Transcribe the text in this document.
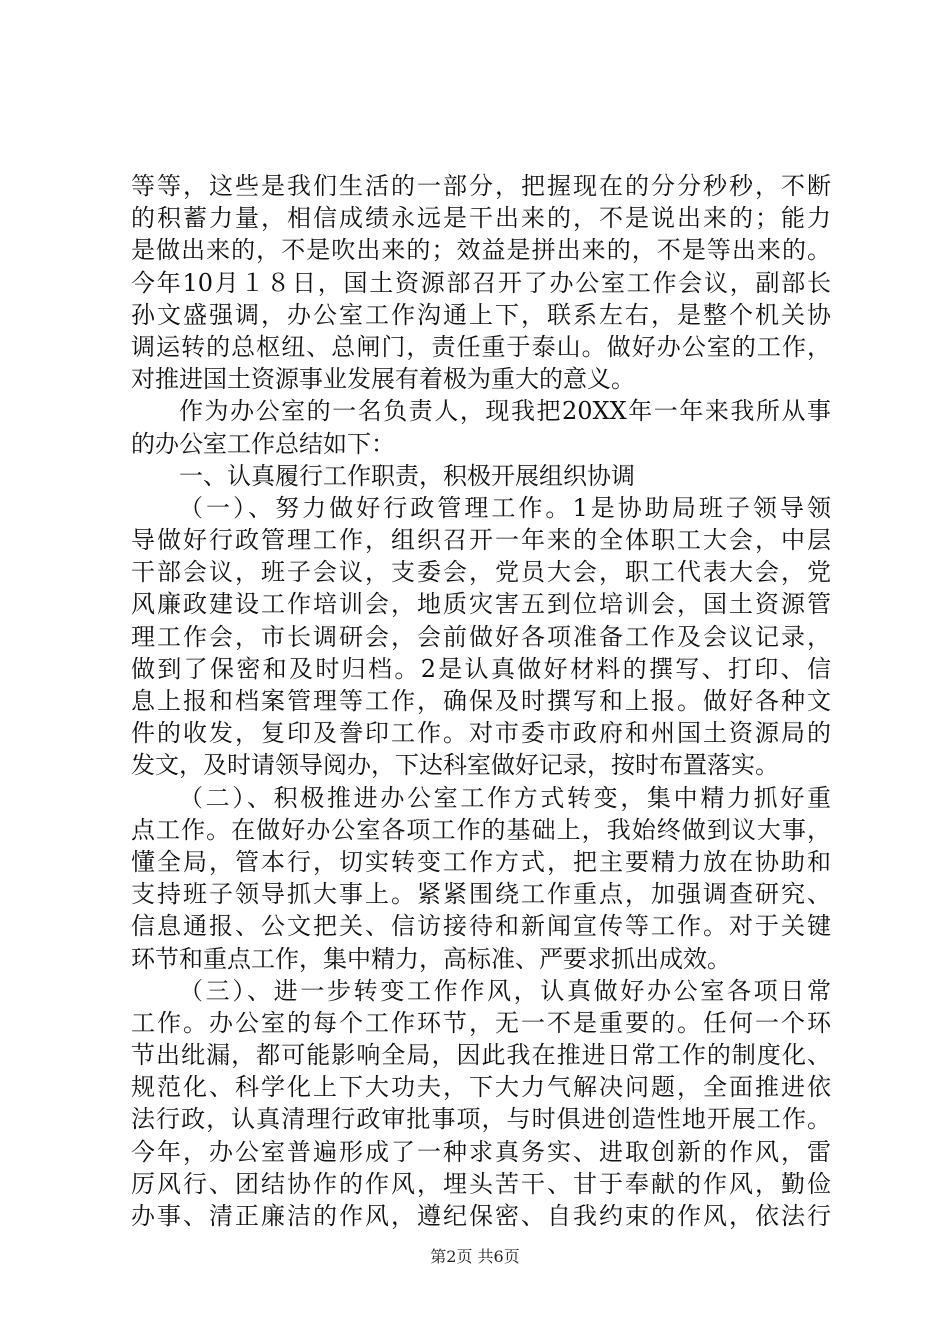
等等，这些是我们生活的一部分，把握现在的分分秒秒，不断
的积蓄力量，相信成绩永远是干出来的，不是说出来的；能力
是做出来的，不是吹出来的；效益是拼出来的，不是等出来的。
今年10月１８日，国土资源部召开了办公室工作会议，副部长
孙文盛强调，办公室工作沟通上下，联系左右，是整个机关协
调运转的总枢纽、总闸门，责任重于泰山。做好办公室的工作，
对推进国土资源事业发展有着极为重大的意义。
作为办公室的一名负责人，现我把20XX年一年来我所从事
的办公室工作总结如下：
一、认真履行工作职责，积极开展组织协调
（一）、努力做好行政管理工作。1是协助局班子领导领
导做好行政管理工作，组织召开一年来的全体职工大会，中层
干部会议，班子会议，支委会，党员大会，职工代表大会，党
风廉政建设工作培训会，地质灾害五到位培训会，国土资源管
理工作会，市长调研会，会前做好各项准备工作及会议记录，
做到了保密和及时归档。2是认真做好材料的撰写、打印、信
息上报和档案管理等工作，确保及时撰写和上报。做好各种文
件的收发，复印及誊印工作。对市委市政府和州国土资源局的
发文，及时请领导阅办，下达科室做好记录，按时布置落实。
（二）、积极推进办公室工作方式转变，集中精力抓好重
点工作。在做好办公室各项工作的基础上，我始终做到议大事，
懂全局，管本行，切实转变工作方式，把主要精力放在协助和
支持班子领导抓大事上。紧紧围绕工作重点，加强调查研究、
信息通报、公文把关、信访接待和新闻宣传等工作。对于关键
环节和重点工作，集中精力，高标准、严要求抓出成效。
（三）、进一步转变工作作风，认真做好办公室各项日常
工作。办公室的每个工作环节，无一不是重要的。任何一个环
节出纰漏，都可能影响全局，因此我在推进日常工作的制度化、
规范化、科学化上下大功夫，下大力气解决问题，全面推进依
法行政，认真清理行政审批事项，与时俱进创造性地开展工作。
今年，办公室普遍形成了一种求真务实、进取创新的作风，雷
厉风行、团结协作的作风，埋头苦干、甘于奉献的作风，勤俭
办事、清正廉洁的作风，遵纪保密、自我约束的作风，依法行
第2页 共6页
